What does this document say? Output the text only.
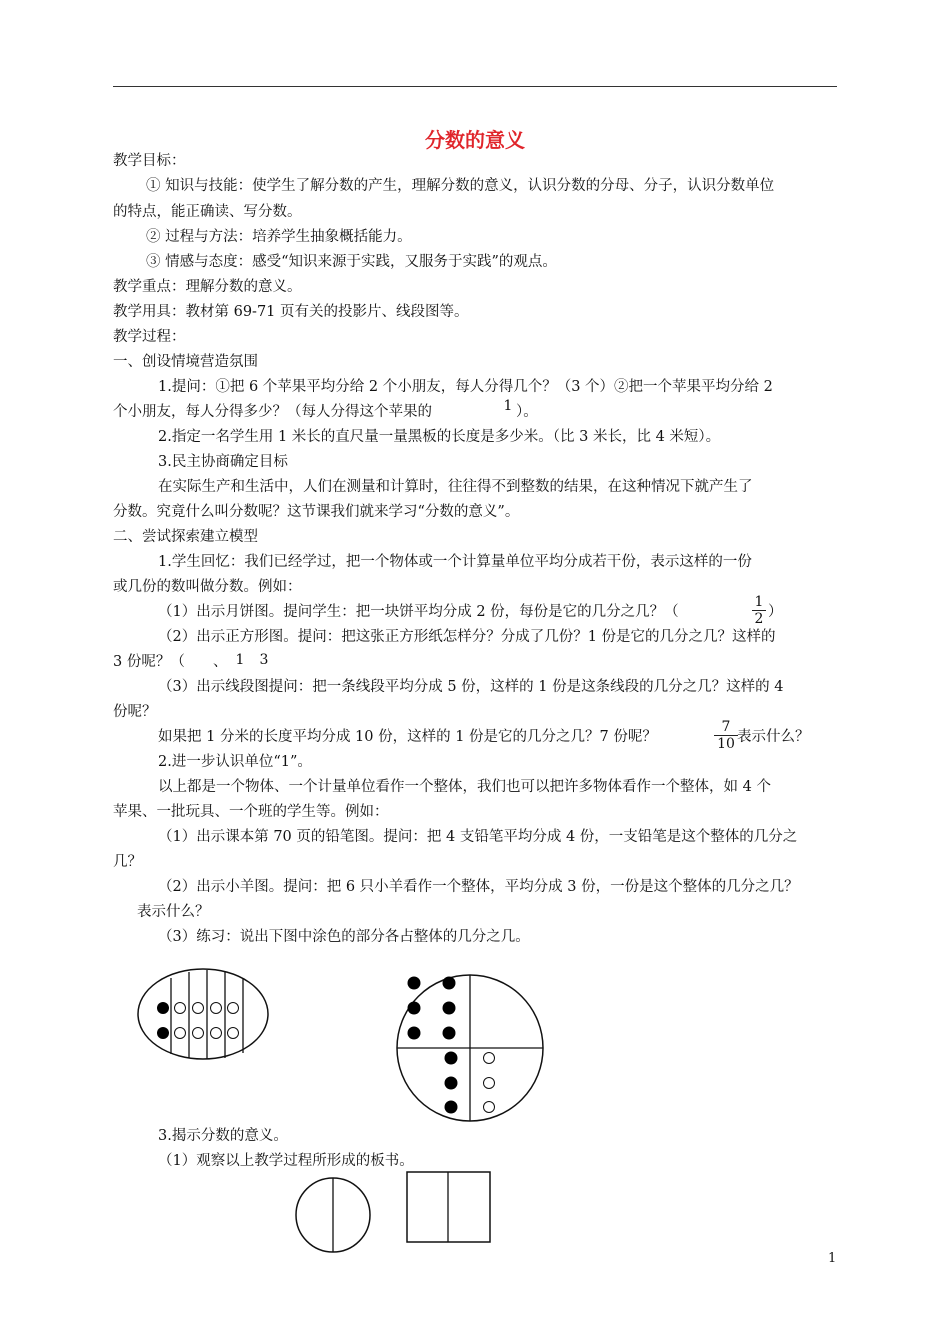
分数的意义
教学目标：
① 知识与技能：使学生了解分数的产生，理解分数的意义，认识分数的分母、分子，认识分数单位
的特点，能正确读、写分数。
② 过程与方法：培养学生抽象概括能力。
③ 情感与态度：感受“知识来源于实践，又服务于实践”的观点。
教学重点：理解分数的意义。
教学用具：教材第 69-71 页有关的投影片、线段图等。
教学过程：
一、创设情境营造氛围
1.提问：①把 6 个苹果平均分给 2 个小朋友，每人分得几个？（3 个）②把一个苹果平均分给 2
个小朋友，每人分得多少？（每人分得这个苹果的	1 ）。
2.指定一名学生用 1 米长的直尺量一量黑板的长度是多少米。（比 3 米长，比 4 米短）。
3.民主协商确定目标
在实际生产和生活中，人们在测量和计算时，往往得不到整数的结果，在这种情况下就产生了
分数。究竟什么叫分数呢？这节课我们就来学习“分数的意义”。
二、尝试探索建立模型
1.学生回忆：我们已经学过，把一个物体或一个计算量单位平均分成若干份，表示这样的一份
或几份的数叫做分数。例如：
（1）出示月饼图。提问学生：把一块饼平均分成 2 份，每份是它的几分之几？（	$\frac{1}{2}$ ）
（2）出示正方形图。提问：把这张正方形纸怎样分？分成了几份？1 份是它的几分之几？这样的
3 份呢？（ 、 1 3
（3）出示线段图提问：把一条线段平均分成 5 份，这样的 1 份是这条线段的几分之几？这样的 4
份呢？
如果把 1 分米的长度平均分成 10 份，这样的 1 份是它的几分之几？7 份呢？	$\frac{7}{10}$ 表示什么？
2.进一步认识单位“1”。
以上都是一个物体、一个计量单位看作一个整体，我们也可以把许多物体看作一个整体，如 4 个
苹果、一批玩具、一个班的学生等。例如：
（1）出示课本第 70 页的铅笔图。提问：把 4 支铅笔平均分成 4 份，一支铅笔是这个整体的几分之
几？
（2）出示小羊图。提问：把 6 只小羊看作一个整体，平均分成 3 份，一份是这个整体的几分之几？
表示什么？
（3）练习：说出下图中涂色的部分各占整体的几分之几。
3.揭示分数的意义。
（1）观察以上教学过程所形成的板书。
1
